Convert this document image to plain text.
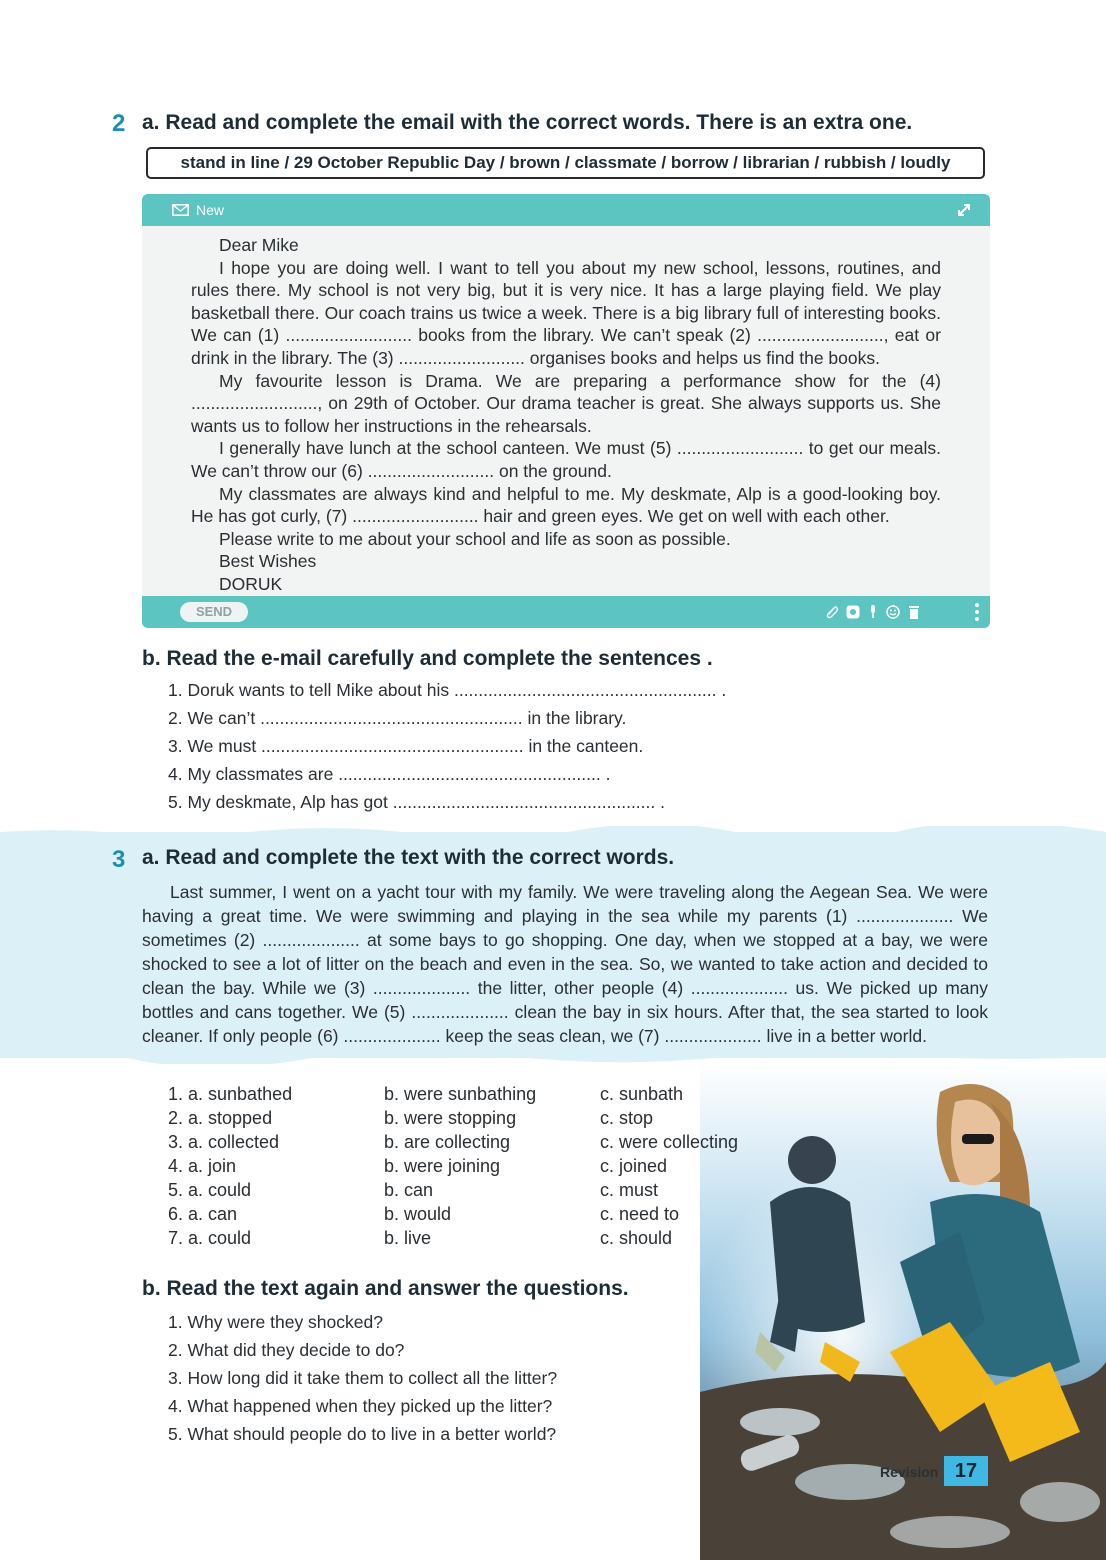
2 a. Read and complete the email with the correct words. There is an extra one.
stand in line / 29 October Republic Day / brown / classmate / borrow / librarian / rubbish / loudly
New

Dear Mike

I hope you are doing well. I want to tell you about my new school, lessons, routines, and rules there. My school is not very big, but it is very nice. It has a large playing field. We play basketball there. Our coach trains us twice a week. There is a big library full of interesting books. We can (1) .......................... books from the library. We can’t speak (2) .........................., eat or drink in the library. The (3) .......................... organises books and helps us find the books.

My favourite lesson is Drama. We are preparing a performance show for the (4) .........................., on 29th of October. Our drama teacher is great. She always supports us. She wants us to follow her instructions in the rehearsals.

I generally have lunch at the school canteen. We must (5) .......................... to get our meals. We can’t throw our (6) .......................... on the ground.

My classmates are always kind and helpful to me. My deskmate, Alp is a good-looking boy. He has got curly, (7) .......................... hair and green eyes. We get on well with each other.

Please write to me about your school and life as soon as possible.

Best Wishes

DORUK

SEND
b. Read the e-mail carefully and complete the sentences .
1. Doruk wants to tell Mike about his ...................................................... .
2. We can’t ...................................................... in the library.
3. We must ...................................................... in the canteen.
4. My classmates are ...................................................... .
5. My deskmate, Alp has got ...................................................... .
3 a. Read and complete the text with the correct words.
Last summer, I went on a yacht tour with my family. We were traveling along the Aegean Sea. We were having a great time. We were swimming and playing in the sea while my parents (1) .................... We sometimes (2) .................... at some bays to go shopping. One day, when we stopped at a bay, we were shocked to see a lot of litter on the beach and even in the sea. So, we wanted to take action and decided to clean the bay. While we (3) .................... the litter, other people (4) .................... us. We picked up many bottles and cans together. We (5) .................... clean the bay in six hours. After that, the sea started to look cleaner. If only people (6) .................... keep the seas clean, we (7) .................... live in a better world.
1. a. sunbathed
2. a. stopped
3. a. collected
4. a. join
5. a. could
6. a. can
7. a. could
b. were sunbathing
b. were stopping
b. are collecting
b. were joining
b. can
b. would
b. live
c. sunbath
c. stop
c. were collecting
c. joined
c. must
c. need to
c. should
b. Read the text again and answer the questions.
1. Why were they shocked?
2. What did they decide to do?
3. How long did it take them to collect all the litter?
4. What happened when they picked up the litter?
5. What should people do to live in a better world?
Revision 17
